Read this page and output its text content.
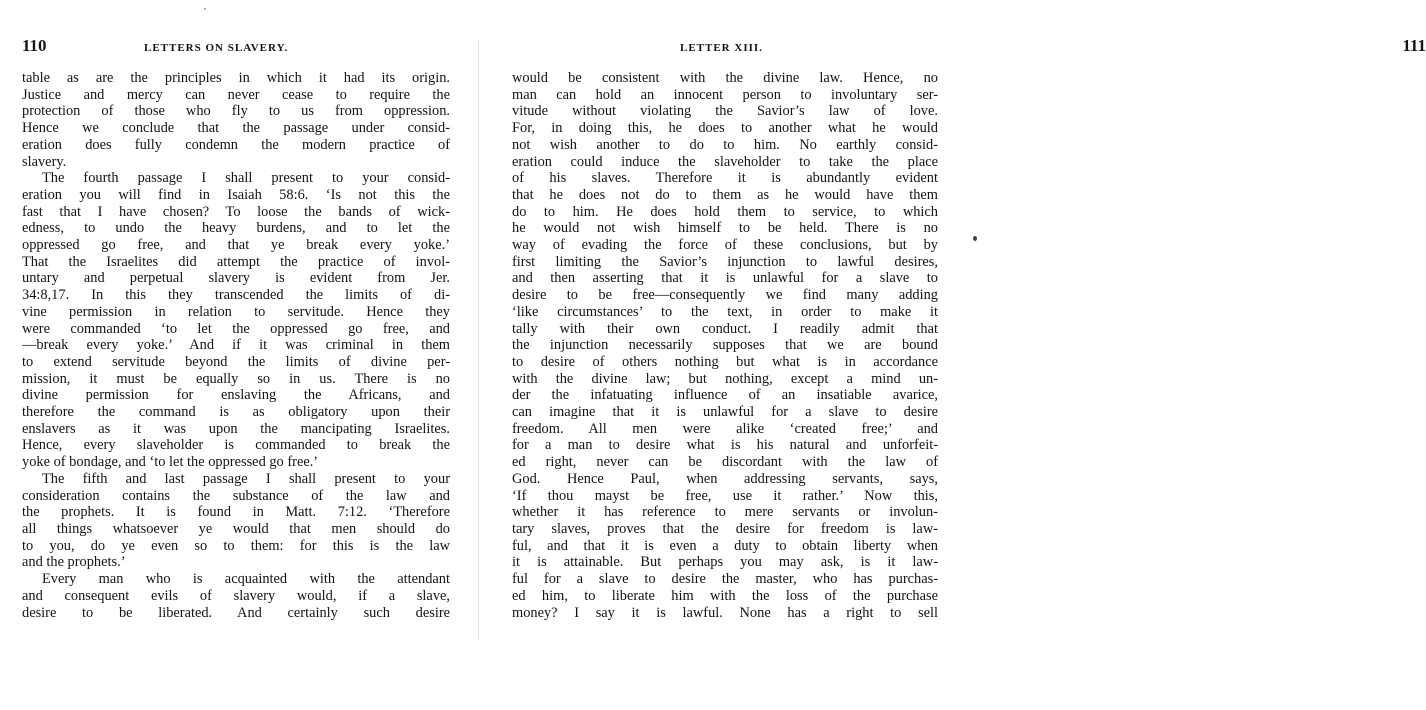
110	LETTERS ON SLAVERY.
table as are the principles in which it had its origin.
Justice and mercy can never cease to require the
protection of those who fly to us from oppression.
Hence we conclude that the passage under consid-
eration does fully condemn the modern practice of
slavery.
The fourth passage I shall present to your consid-
eration you will find in Isaiah 58:6. ‘Is not this the
fast that I have chosen? To loose the bands of wick-
edness, to undo the heavy burdens, and to let the
oppressed go free, and that ye break every yoke.’
That the Israelites did attempt the practice of invol-
untary and perpetual slavery is evident from Jer.
34:8,17. In this they transcended the limits of di-
vine permission in relation to servitude. Hence they
were commanded ‘to let the oppressed go free, and
—break every yoke.’ And if it was criminal in them
to extend servitude beyond the limits of divine per-
mission, it must be equally so in us. There is no
divine permission for enslaving the Africans, and
therefore the command is as obligatory upon their
enslavers as it was upon the mancipating Israelites.
Hence, every slaveholder is commanded to break the
yoke of bondage, and ‘to let the oppressed go free.’
The fifth and last passage I shall present to your
consideration contains the substance of the law and
the prophets. It is found in Matt. 7:12. ‘Therefore
all things whatsoever ye would that men should do
to you, do ye even so to them: for this is the law
and the prophets.’
Every man who is acquainted with the attendant
and consequent evils of slavery would, if a slave,
desire to be liberated. And certainly such desire
LETTER XIII.	111
would be consistent with the divine law. Hence, no
man can hold an innocent person to involuntary ser-
vitude without violating the Savior’s law of love.
For, in doing this, he does to another what he would
not wish another to do to him. No earthly consid-
eration could induce the slaveholder to take the place
of his slaves. Therefore it is abundantly evident
that he does not do to them as he would have them
do to him. He does hold them to service, to which
he would not wish himself to be held. There is no
way of evading the force of these conclusions, but by
first limiting the Savior’s injunction to lawful desires,
and then asserting that it is unlawful for a slave to
desire to be free—consequently we find many adding
‘like circumstances’ to the text, in order to make it
tally with their own conduct. I readily admit that
the injunction necessarily supposes that we are bound
to desire of others nothing but what is in accordance
with the divine law; but nothing, except a mind un-
der the infatuating influence of an insatiable avarice,
can imagine that it is unlawful for a slave to desire
freedom. All men were alike ‘created free;’ and
for a man to desire what is his natural and unforfeit-
ed right, never can be discordant with the law of
God. Hence Paul, when addressing servants, says,
‘If thou mayst be free, use it rather.’ Now this,
whether it has reference to mere servants or involun-
tary slaves, proves that the desire for freedom is law-
ful, and that it is even a duty to obtain liberty when
it is attainable. But perhaps you may ask, is it law-
ful for a slave to desire the master, who has purchas-
ed him, to liberate him with the loss of the purchase
money? I say it is lawful. None has a right to sell
